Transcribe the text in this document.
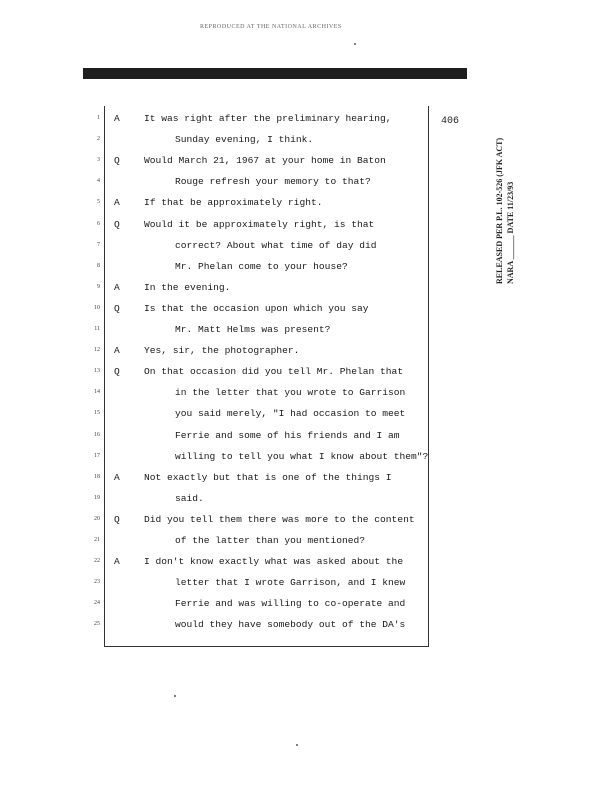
REPRODUCED AT THE NATIONAL ARCHIVES
406
RELEASED PER P.L. 102-526 (JFK ACT) NARA ______ DATE 11/23/93
1 A	It was right after the preliminary hearing,
2	Sunday evening, I think.
3 Q	Would March 21, 1967 at your home in Baton
4	Rouge refresh your memory to that?
5 A	If that be approximately right.
6 Q	Would it be approximately right, is that
7	correct? About what time of day did
8	Mr. Phelan come to your house?
9 A	In the evening.
10 Q	Is that the occasion upon which you say
11	Mr. Matt Helms was present?
12 A	Yes, sir, the photographer.
13 Q	On that occasion did you tell Mr. Phelan that
14	in the letter that you wrote to Garrison
15	you said merely, "I had occasion to meet
16	Ferrie and some of his friends and I am
17	willing to tell you what I know about them"?
18 A	Not exactly but that is one of the things I
19	said.
20 Q	Did you tell them there was more to the content
21	of the latter than you mentioned?
22 A	I don't know exactly what was asked about the
23	letter that I wrote Garrison, and I knew
24	Ferrie and was willing to co-operate and
25	would they have somebody out of the DA's
